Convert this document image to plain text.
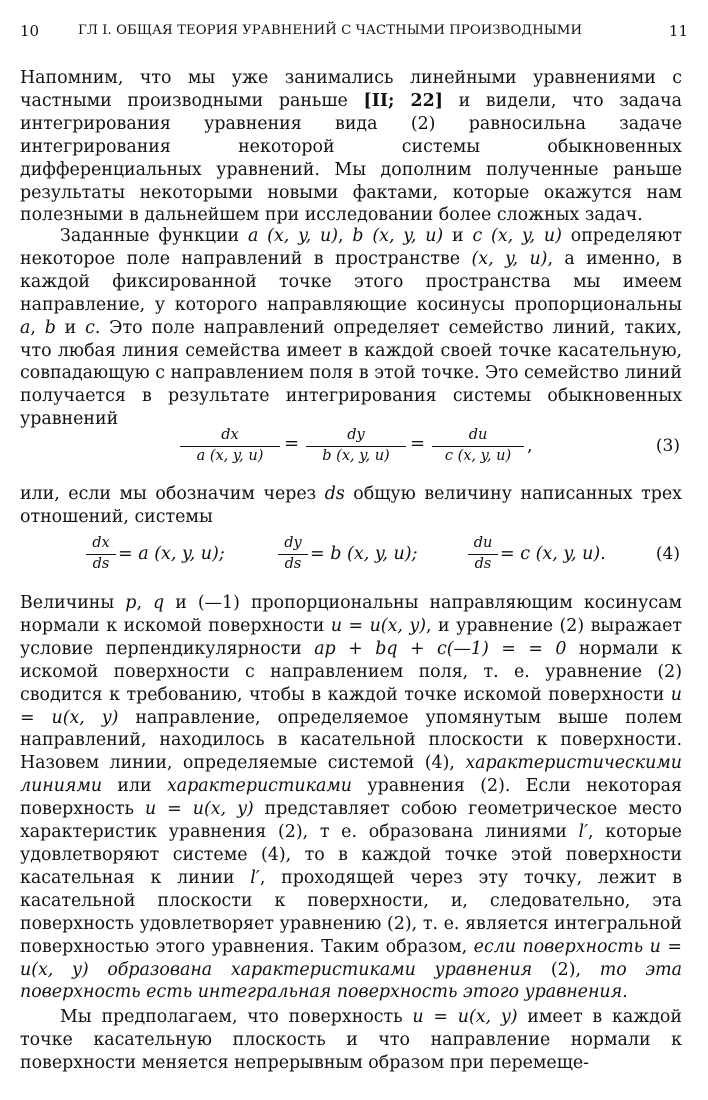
10	ГЛ I. ОБЩАЯ ТЕОРИЯ УРАВНЕНИЙ С ЧАСТНЫМИ ПРОИЗВОДНЫМИ	11

Напомним, что мы уже занимались линейными уравнениями с частными производными раньше [II; 22] и видели, что задача интегрирования уравнения вида (2) равносильна задаче интегрирования некоторой системы обыкновенных дифференциальных уравнений. Мы дополним полученные раньше результаты некоторыми новыми фактами, которые окажутся нам полезными в дальнейшем при исследовании более сложных задач.

Заданные функции a (x, y, u), b (x, y, u) и c (x, y, u) определяют некоторое поле направлений в пространстве (x, y, u), а именно, в каждой фиксированной точке этого пространства мы имеем направление, у которого направляющие косинусы пропорциональны a, b и c. Это поле направлений определяет семейство линий, таких, что любая линия семейства имеет в каждой своей точке касательную, совпадающую с направлением поля в этой точке. Это семейство линий получается в результате интегрирования системы обыкновенных уравнений

dx
a (x, y, u)
=	dy
b (x, y, u)
=	du
c (x, y, u) ,	(3)

или, если мы обозначим через ds общую величину написанных трех отношений, системы

dx
ds = a (x, y, u);
dy
ds = b (x, y, u);
du
ds = c (x, y, u).	(4)

Величины p, q и (—1) пропорциональны направляющим косинусам нормали к искомой поверхности u = u(x, y), и уравнение (2) выражает условие перпендикулярности ap + bq + c(—1) = = 0 нормали к искомой поверхности с направлением поля, т. е. уравнение (2) сводится к требованию, чтобы в каждой точке искомой поверхности u = u(x, y) направление, определяемое упомянутым выше полем направлений, находилось в касательной плоскости к поверхности. Назовем линии, определяемые системой (4), характеристическими линиями или характеристиками уравнения (2). Если некоторая поверхность u = u(x, y) представляет собою геометрическое место характеристик уравнения (2), т е. образована линиями l′, которые удовлетворяют системе (4), то в каждой точке этой поверхности касательная к линии l′, проходящей через эту точку, лежит в касательной плоскости к поверхности, и, следовательно, эта поверхность удовлетворяет уравнению (2), т. е. является интегральной поверхностью этого уравнения. Таким образом, если поверхность u = u(x, y) образована характеристиками уравнения (2), то эта поверхность есть интегральная поверхность этого уравнения.

Мы предполагаем, что поверхность u = u(x, y) имеет в каждой точке касательную плоскость и что направление нормали к поверхности меняется непрерывным образом при перемеще-
